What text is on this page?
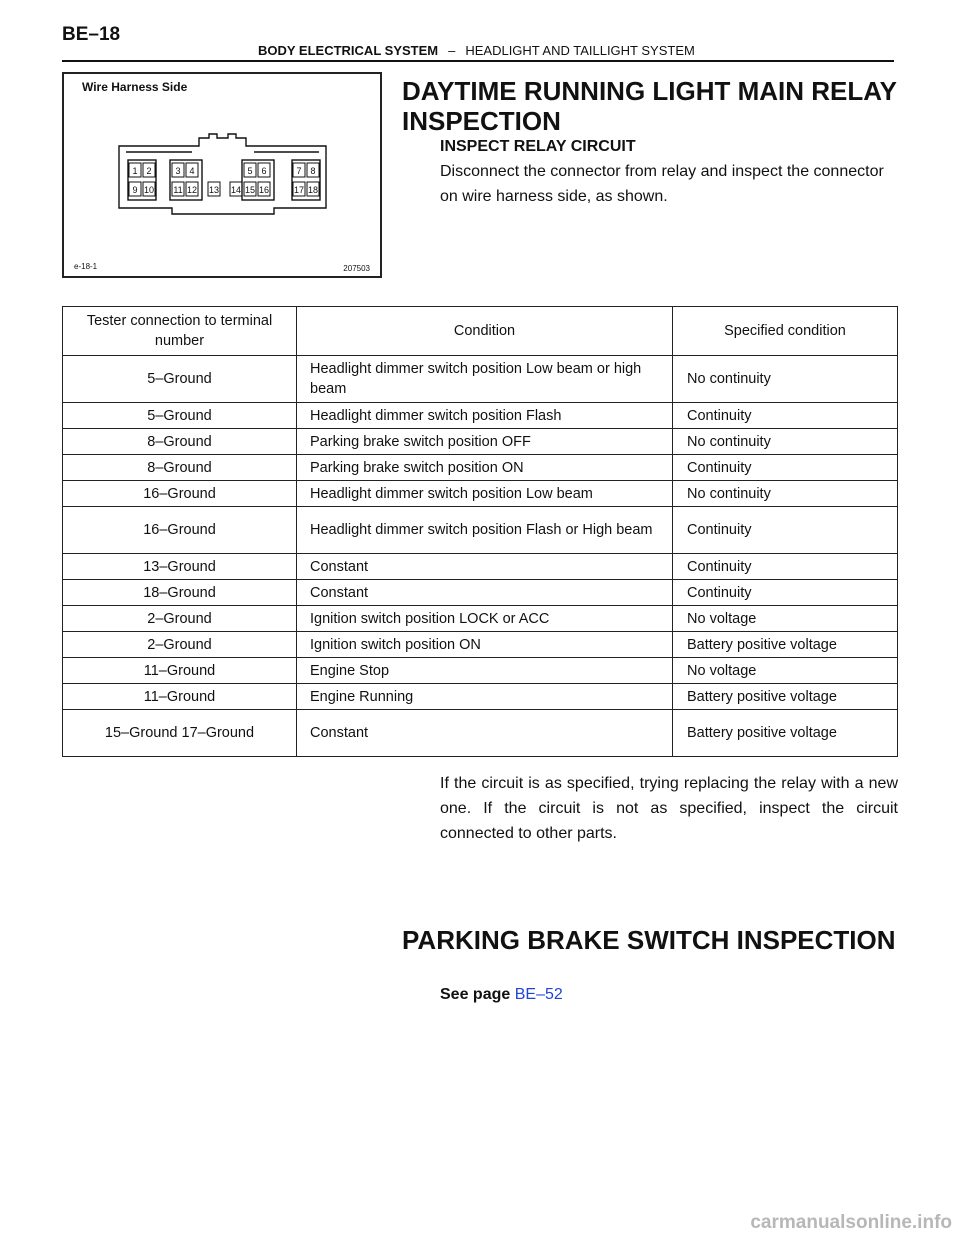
BE–18
BODY ELECTRICAL SYSTEM – HEADLIGHT AND TAILLIGHT SYSTEM
Wire Harness Side
1 2	3 4	5 6	7 8
9 10 11 12 13 14 15 16	17 18
e-18-1	207503
DAYTIME RUNNING LIGHT MAIN RELAY INSPECTION
INSPECT RELAY CIRCUIT

Disconnect the connector from relay and inspect the connector on wire harness side, as shown.

Tester connection to terminal number	Condition	Specified condition
5–Ground	Headlight dimmer switch position Low beam or high beam	No continuity
5–Ground	Headlight dimmer switch position Flash	Continuity
8–Ground	Parking brake switch position OFF	No continuity
8–Ground	Parking brake switch position ON	Continuity
16–Ground	Headlight dimmer switch position Low beam	No continuity
16–Ground	Headlight dimmer switch position Flash or High beam	Continuity
13–Ground	Constant	Continuity
18–Ground	Constant	Continuity
2–Ground	Ignition switch position LOCK or ACC	No voltage
2–Ground	Ignition switch position ON	Battery positive voltage
11–Ground	Engine Stop	No voltage
11–Ground	Engine Running	Battery positive voltage
15–Ground 17–Ground	Constant	Battery positive voltage

If the circuit is as specified, trying replacing the relay with a new one. If the circuit is not as specified, inspect the circuit connected to other parts.

PARKING BRAKE SWITCH INSPECTION
See page BE–52
carmanualsonline.info
